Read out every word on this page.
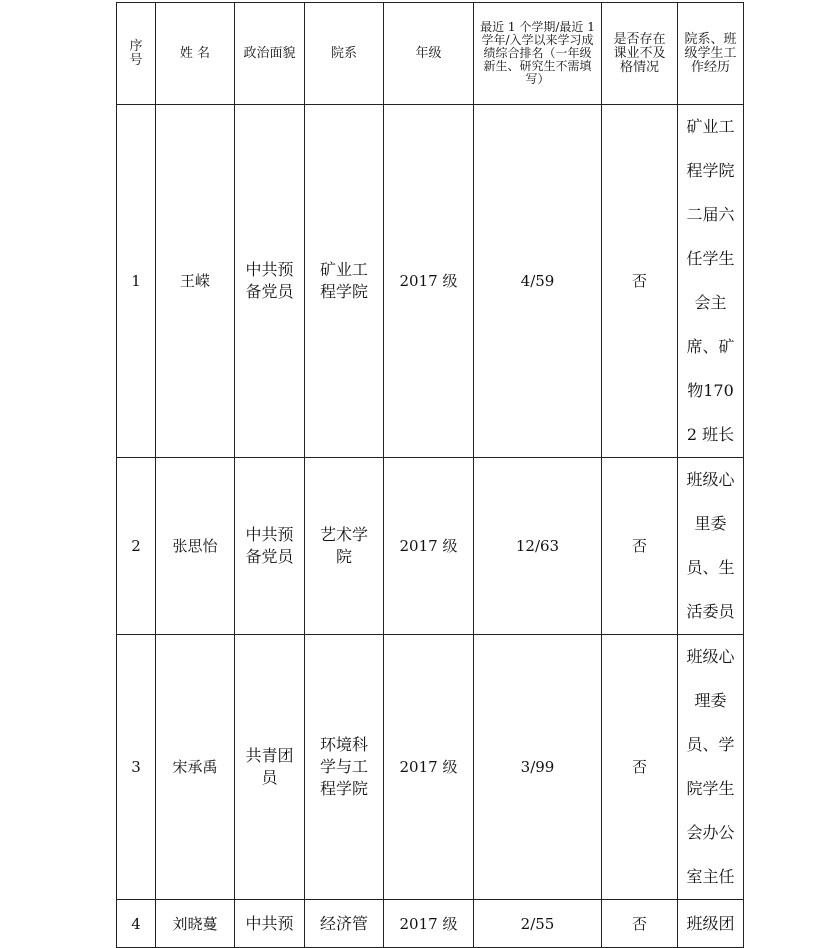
序号	姓 名	政治面貌	院系	年级	最近 1 个学期/最近 1 学年/入学以来学习成绩综合排名（一年级新生、研究生不需填写）	是否存在课业不及格情况	院系、班级学生工作经历
1	王嵘	中共预备党员	矿业工程学院	2017 级	4/59	否	矿业工程学院二届六任学生会主席、矿物1702 班长
2	张思怡	中共预备党员	艺术学院	2017 级	12/63	否	班级心里委员、生活委员
3	宋承禹	共青团员	环境科学与工程学院	2017 级	3/99	否	班级心理委员、学院学生会办公室主任
4	刘晓蔓	中共预	经济管	2017 级	2/55	否	班级团
